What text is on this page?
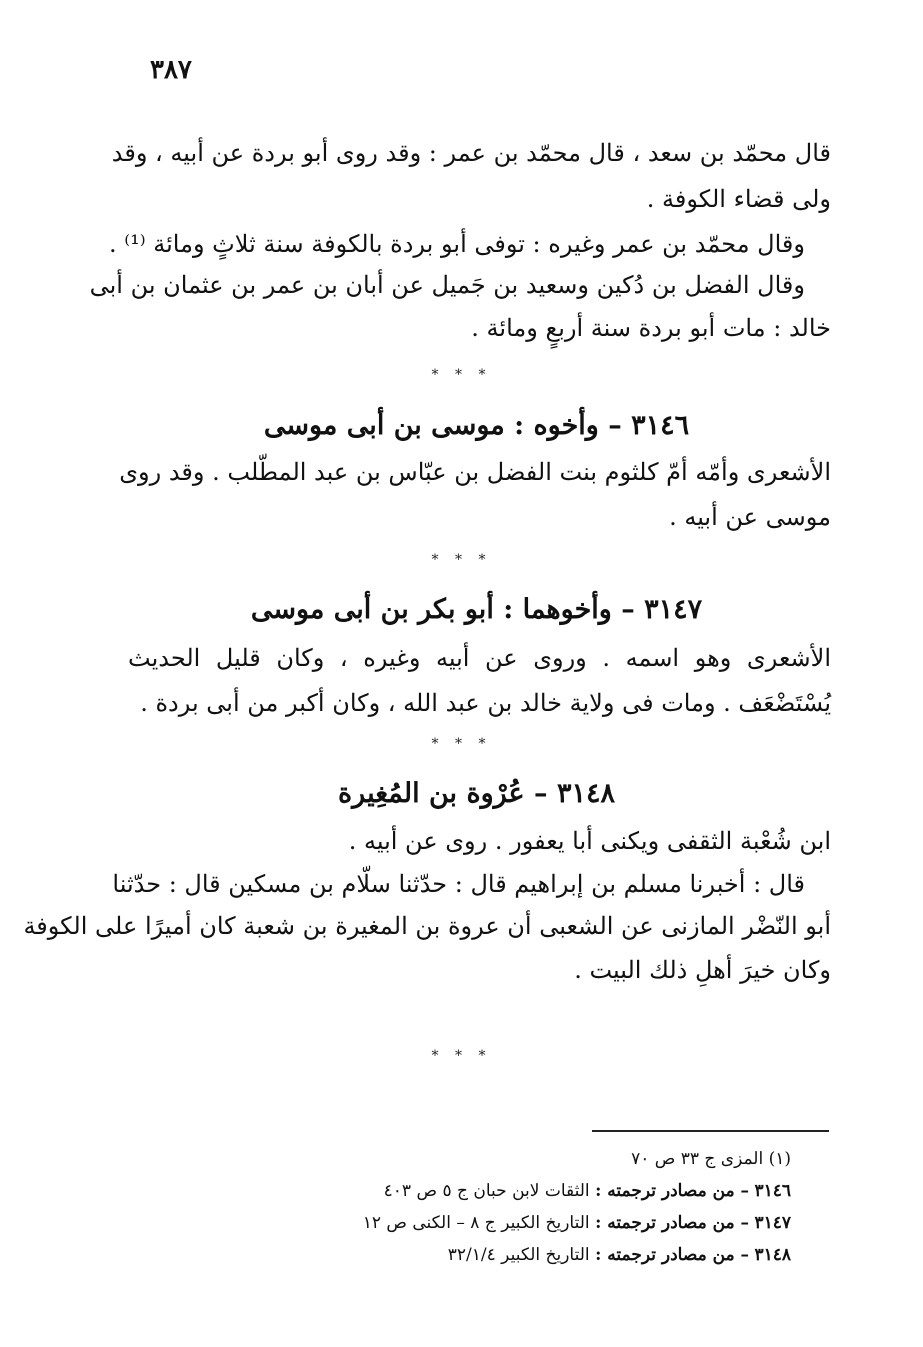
٣٨٧
قال محمّد بن سعد ، قال محمّد بن عمر : وقد روى أبو بردة عن أبيه ، وقد
ولى قضاء الكوفة .
وقال محمّد بن عمر وغيره : توفى أبو بردة بالكوفة سنة ثلاثٍ ومائة ⁽¹⁾ .
وقال الفضل بن دُكين وسعيد بن جَميل عن أبان بن عمر بن عثمان بن أبى
خالد : مات أبو بردة سنة أربعٍ ومائة .
* * *
٣١٤٦ – وأخوه : موسى بن أبى موسى
الأشعرى وأمّه أمّ كلثوم بنت الفضل بن عبّاس بن عبد المطّلب . وقد روى
موسى عن أبيه .
* * *
٣١٤٧ – وأخوهما : أبو بكر بن أبى موسى
الأشعرى وهو اسمه . وروى عن أبيه وغيره ، وكان قليل الحديث
يُسْتَضْعَف . ومات فى ولاية خالد بن عبد الله ، وكان أكبر من أبى بردة .
* * *
٣١٤٨ – عُرْوة بن المُغِيرة
ابن شُعْبة الثقفى ويكنى أبا يعفور . روى عن أبيه .
قال : أخبرنا مسلم بن إبراهيم قال : حدّثنا سلّام بن مسكين قال : حدّثنا
أبو النّضْر المازنى عن الشعبى أن عروة بن المغيرة بن شعبة كان أميرًا على الكوفة
وكان خيرَ أهلِ ذلك البيت .
* * *
(١) المزى ج ٣٣ ص ٧٠
٣١٤٦ – من مصادر ترجمته : الثقات لابن حبان ج ٥ ص ٤٠٣
٣١٤٧ – من مصادر ترجمته : التاريخ الكبير ج ٨ – الكنى ص ١٢
٣١٤٨ – من مصادر ترجمته : التاريخ الكبير ٣٢/١/٤
